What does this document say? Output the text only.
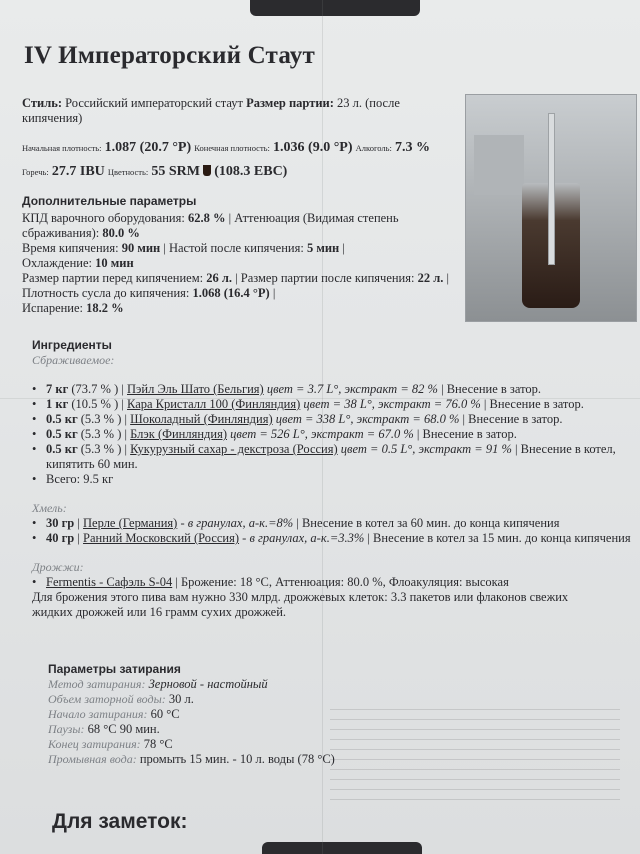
IV Императорский Стаут
Стиль: Российский императорский стаут Размер партии: 23 л. (после кипячения)
Начальная плотность: 1.087 (20.7 °P) Конечная плотность: 1.036 (9.0 °P) Алкоголь: 7.3 %
Горечь: 27.7 IBU Цветность: 55 SRM (108.3 EBC)
Дополнительные параметры
КПД варочного оборудования: 62.8 % | Аттенюация (Видимая степень сбраживания): 80.0 %
Время кипячения: 90 мин | Настой после кипячения: 5 мин |
Охлаждение: 10 мин
Размер партии перед кипячением: 26 л. | Размер партии после кипячения: 22 л. | Плотность сусла до кипячения: 1.068 (16.4 °P) |
Испарение: 18.2 %
Ингредиенты
Сбраживаемое:
• 7 кг (73.7 % ) | Пэйл Эль Шато (Бельгия) цвет = 3.7 L°, экстракт = 82 % | Внесение в затор.
• 1 кг (10.5 % ) | Кара Кристалл 100 (Финляндия) цвет = 38 L°, экстракт = 76.0 % | Внесение в затор.
• 0.5 кг (5.3 % ) | Шоколадный (Финляндия) цвет = 338 L°, экстракт = 68.0 % | Внесение в затор.
• 0.5 кг (5.3 % ) | Блэк (Финляндия) цвет = 526 L°, экстракт = 67.0 % | Внесение в затор.
• 0.5 кг (5.3 % ) | Кукурузный сахар - декстроза (Россия) цвет = 0.5 L°, экстракт = 91 % | Внесение в котел, кипятить 60 мин.
• Всего: 9.5 кг
Хмель:
• 30 гр | Перле (Германия) - в гранулах, а-к.=8% | Внесение в котел за 60 мин. до конца кипячения
• 40 гр | Ранний Московский (Россия) - в гранулах, а-к.=3.3% | Внесение в котел за 15 мин. до конца кипячения
Дрожжи:
• Fermentis - Сафэль S-04 | Брожение: 18 °C, Аттенюация: 80.0 %, Флоакуляция: высокая
Для брожения этого пива вам нужно 330 млрд. дрожжевых клеток: 3.3 пакетов или флаконов свежих жидких дрожжей или 16 грамм сухих дрожжей.
Параметры затирания
Метод затирания: Зерновой - настойный
Объем заторной воды: 30 л.
Начало затирания: 60 °C
Паузы: 68 °C 90 мин.
Конец затирания: 78 °C
Промывная вода: промыть 15 мин. - 10 л. воды (78 °C)
Для заметок:
